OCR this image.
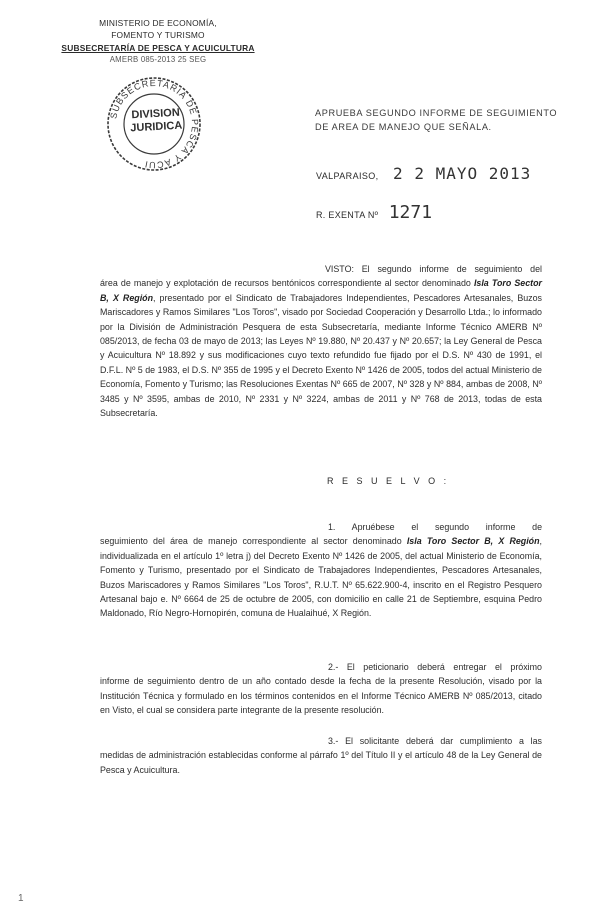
MINISTERIO DE ECONOMÍA,
FOMENTO Y TURISMO
SUBSECRETARÍA DE PESCA Y ACUICULTURA
AMERB 085-2013 25 SEG
SUBSECRETARIA DE PESCA Y ACUI
DIVISION
JURIDICA
APRUEBA SEGUNDO INFORME DE SEGUIMIENTO
DE AREA DE MANEJO QUE SEÑALA.
VALPARAISO, 2 2 MAYO 2013
R. EXENTA Nº 1271
VISTO: El segundo informe de seguimiento del
área de manejo y explotación de recursos bentónicos correspondiente al sector denominado Isla Toro Sector B, X Región, presentado por el Sindicato de Trabajadores Independientes, Pescadores Artesanales, Buzos Mariscadores y Ramos Similares "Los Toros", visado por Sociedad Cooperación y Desarrollo Ltda.; lo informado por la División de Administración Pesquera de esta Subsecretaría, mediante Informe Técnico AMERB Nº 085/2013, de fecha 03 de mayo de 2013; las Leyes Nº 19.880, Nº 20.437 y Nº 20.657; la Ley General de Pesca y Acuicultura Nº 18.892 y sus modificaciones cuyo texto refundido fue fijado por el D.S. Nº 430 de 1991, el D.F.L. Nº 5 de 1983, el D.S. Nº 355 de 1995 y el Decreto Exento Nº 1426 de 2005, todos del actual Ministerio de Economía, Fomento y Turismo; las Resoluciones Exentas Nº 665 de 2007, Nº 328 y Nº 884, ambas de 2008, Nº 3485 y Nº 3595, ambas de 2010, Nº 2331 y Nº 3224, ambas de 2011 y Nº 768 de 2013, todas de esta Subsecretaría.
R E S U E L V O :
1. Apruébese el segundo informe de
seguimiento del área de manejo correspondiente al sector denominado Isla Toro Sector B, X Región, individualizada en el artículo 1º letra j) del Decreto Exento Nº 1426 de 2005, del actual Ministerio de Economía, Fomento y Turismo, presentado por el Sindicato de Trabajadores Independientes, Pescadores Artesanales, Buzos Mariscadores y Ramos Similares "Los Toros", R.U.T. Nº 65.622.900-4, inscrito en el Registro Pesquero Artesanal bajo e. Nº 6664 de 25 de octubre de 2005, con domicilio en calle 21 de Septiembre, esquina Pedro Maldonado, Río Negro-Hornopirén, comuna de Hualaihué, X Región.
2.- El peticionario deberá entregar el próximo
informe de seguimiento dentro de un año contado desde la fecha de la presente Resolución, visado por la Institución Técnica y formulado en los términos contenidos en el Informe Técnico AMERB Nº 085/2013, citado en Visto, el cual se considera parte integrante de la presente resolución.
3.- El solicitante deberá dar cumplimiento a las
medidas de administración establecidas conforme al párrafo 1º del Título II y el artículo 48 de la Ley General de Pesca y Acuicultura.
1
